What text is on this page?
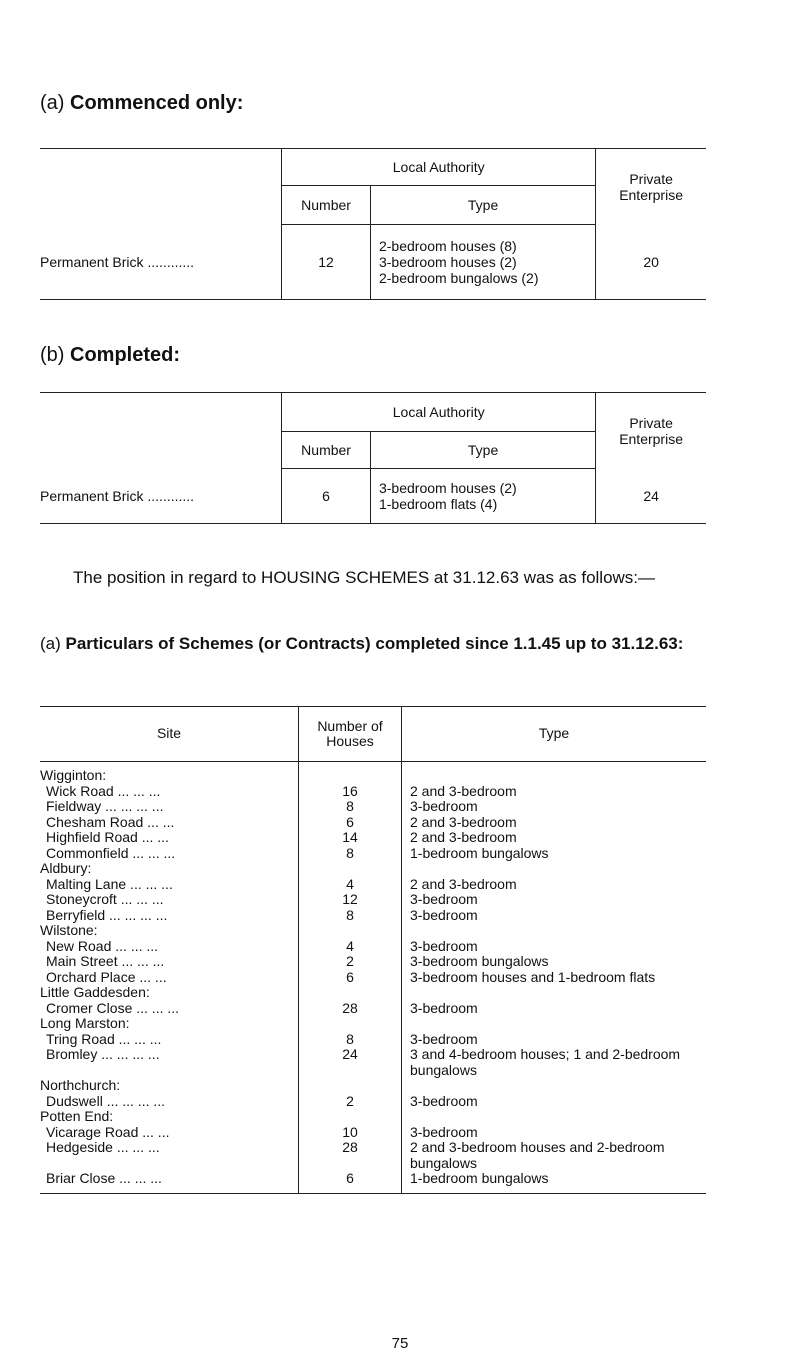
(a) Commenced only:
	Local Authority		Private Enterprise
	Number	Type	
Permanent Brick ............	12	2-bedroom houses (8)
3-bedroom houses (2)
2-bedroom bungalows (2)	20
(b) Completed:
	Local Authority		Private Enterprise
	Number	Type	
Permanent Brick ............	6	3-bedroom houses (2)
1-bedroom flats (4)	24
The position in regard to HOUSING SCHEMES at 31.12.63 was as follows:—
(a) Particulars of Schemes (or Contracts) completed since 1.1.45 up to 31.12.63:
Site	Number of Houses	Type
Wigginton:		
Wick Road ... ... ...	16	2 and 3-bedroom
Fieldway ... ... ... ...	8	3-bedroom
Chesham Road ... ...	6	2 and 3-bedroom
Highfield Road ... ...	14	2 and 3-bedroom
Commonfield ... ... ...	8	1-bedroom bungalows
Aldbury:		
Malting Lane ... ... ...	4	2 and 3-bedroom
Stoneycroft ... ... ...	12	3-bedroom
Berryfield ... ... ... ...	8	3-bedroom
Wilstone:		
New Road ... ... ...	4	3-bedroom
Main Street ... ... ...	2	3-bedroom bungalows
Orchard Place ... ...	6	3-bedroom houses and 1-bedroom flats
Little Gaddesden:		
Cromer Close ... ... ...	28	3-bedroom
Long Marston:		
Tring Road ... ... ...	8	3-bedroom
Bromley ... ... ... ...	24	3 and 4-bedroom houses; 1 and 2-bedroom bungalows
Northchurch:		
Dudswell ... ... ... ...	2	3-bedroom
Potten End:		
Vicarage Road ... ...	10	3-bedroom
Hedgeside ... ... ...	28	2 and 3-bedroom houses and 2-bedroom bungalows
Briar Close ... ... ...	6	1-bedroom bungalows
75
